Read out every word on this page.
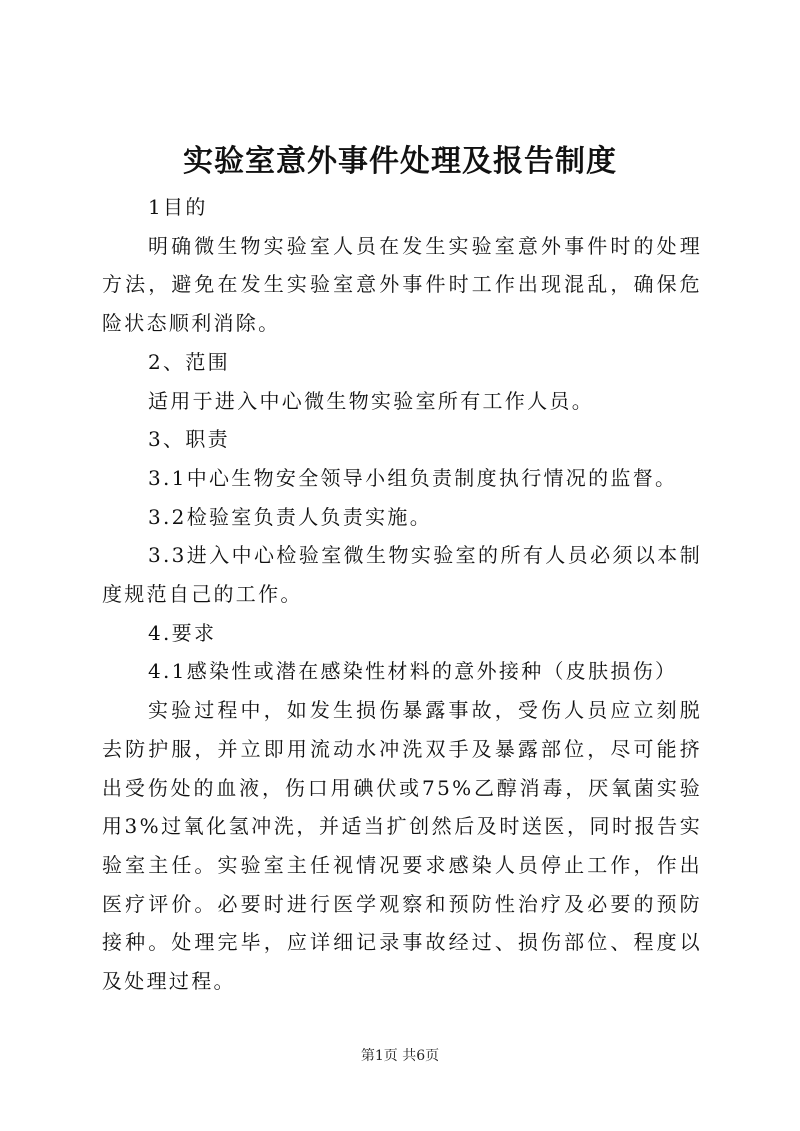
实验室意外事件处理及报告制度

1目的

明确微生物实验室人员在发生实验室意外事件时的处理方法，避免在发生实验室意外事件时工作出现混乱，确保危险状态顺利消除。

2、范围

适用于进入中心微生物实验室所有工作人员。

3、职责

3.1中心生物安全领导小组负责制度执行情况的监督。

3.2检验室负责人负责实施。

3.3进入中心检验室微生物实验室的所有人员必须以本制度规范自己的工作。

4.要求

4.1感染性或潜在感染性材料的意外接种（皮肤损伤）

实验过程中，如发生损伤暴露事故，受伤人员应立刻脱去防护服，并立即用流动水冲洗双手及暴露部位，尽可能挤出受伤处的血液，伤口用碘伏或75%乙醇消毒，厌氧菌实验用3%过氧化氢冲洗，并适当扩创然后及时送医，同时报告实验室主任。实验室主任视情况要求感染人员停止工作，作出医疗评价。必要时进行医学观察和预防性治疗及必要的预防接种。处理完毕，应详细记录事故经过、损伤部位、程度以及处理过程。

第1页 共6页
